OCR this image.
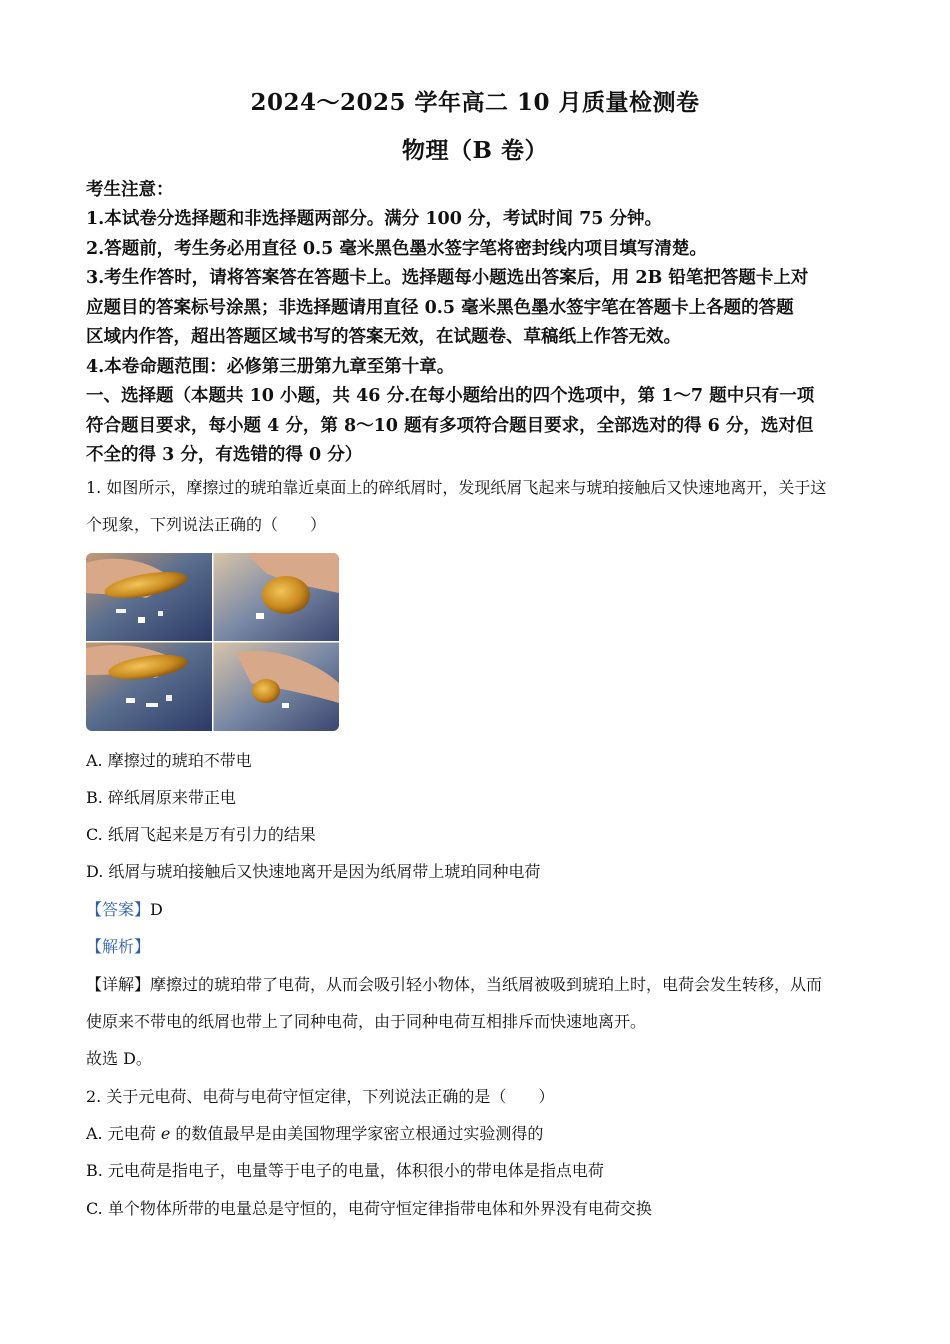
2024～2025 学年高二 10 月质量检测卷
物理（B 卷）
考生注意：
1.本试卷分选择题和非选择题两部分。满分 100 分，考试时间 75 分钟。
2.答题前，考生务必用直径 0.5 毫米黑色墨水签字笔将密封线内项目填写清楚。
3.考生作答时，请将答案答在答题卡上。选择题每小题选出答案后，用 2B 铅笔把答题卡上对
应题目的答案标号涂黑；非选择题请用直径 0.5 毫米黑色墨水签宇笔在答题卡上各题的答题
区域内作答，超出答题区域书写的答案无效，在试题卷、草稿纸上作答无效。
4.本卷命题范围：必修第三册第九章至第十章。
一、选择题（本题共 10 小题，共 46 分.在每小题给出的四个选项中，第 1～7 题中只有一项
符合题目要求，每小题 4 分，第 8～10 题有多项符合题目要求，全部选对的得 6 分，选对但
不全的得 3 分，有选错的得 0 分）
1. 如图所示，摩擦过的琥珀靠近桌面上的碎纸屑时，发现纸屑飞起来与琥珀接触后又快速地离开，关于这
个现象，下列说法正确的（　　）
A. 摩擦过的琥珀不带电
B. 碎纸屑原来带正电
C. 纸屑飞起来是万有引力的结果
D. 纸屑与琥珀接触后又快速地离开是因为纸屑带上琥珀同种电荷
【答案】D
【解析】
【详解】摩擦过的琥珀带了电荷，从而会吸引轻小物体，当纸屑被吸到琥珀上时，电荷会发生转移，从而
使原来不带电的纸屑也带上了同种电荷，由于同种电荷互相排斥而快速地离开。
故选 D。
2. 关于元电荷、电荷与电荷守恒定律，下列说法正确的是（　　）
A. 元电荷 e 的数值最早是由美国物理学家密立根通过实验测得的
B. 元电荷是指电子，电量等于电子的电量，体积很小的带电体是指点电荷
C. 单个物体所带的电量总是守恒的，电荷守恒定律指带电体和外界没有电荷交换
